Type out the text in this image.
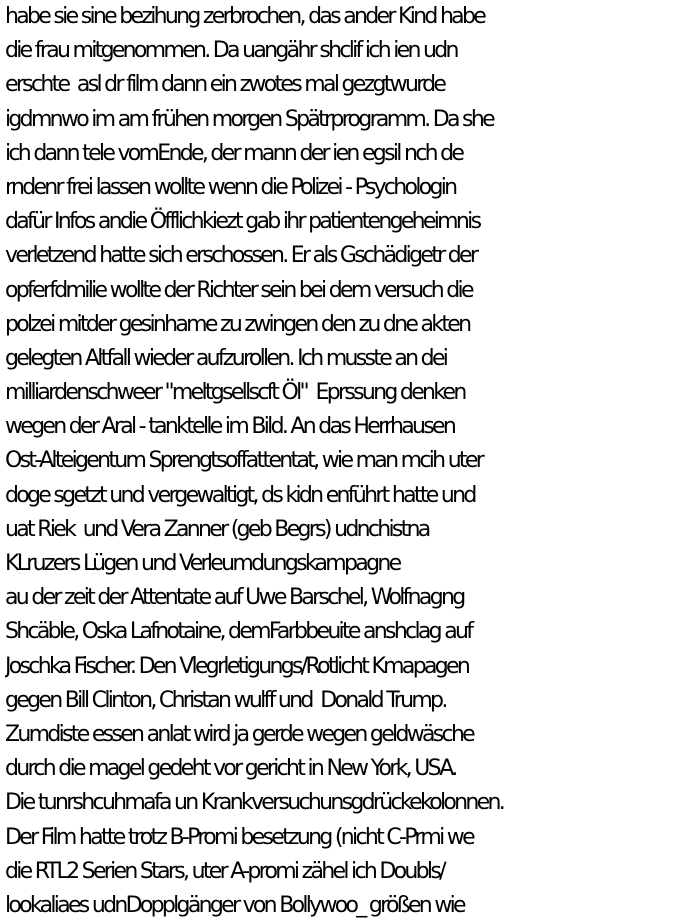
habe sie sine bezihung zerbrochen, das ander Kind habe
die frau mitgenommen. Da uangähr shclif ich ien udn
erschte  asl dr film dann ein zwotes mal gezgtwurde
igdmnwo im am frühen morgen Spätrprogramm. Da she
ich dann tele vomEnde, der mann der ien egsil nch de
rndenr frei lassen wollte wenn die Polizei - Psychologin
dafür Infos andie Öfflichkiezt gab ihr patientengeheimnis
verletzend hatte sich erschossen. Er als Gschädigetr der
opferfdmilie wollte der Richter sein bei dem versuch die
polzei mitder gesinhame zu zwingen den zu dne akten
gelegten Altfall wieder aufzurollen. Ich musste an dei
milliardenschweer "meltgsellscft Öl"  Eprssung denken
wegen der Aral - tanktelle im Bild. An das Herrhausen
Ost-Alteigentum Sprengtsoffattentat, wie man mcih uter
doge sgetzt und vergewaltigt, ds kidn enführt hatte und
uat Riek  und Vera Zanner (geb Begrs) udnchistna
KLruzers Lügen und Verleumdungskampagne
au der zeit der Attentate auf Uwe Barschel, Wolfnagng
Shcäble, Oska Lafnotaine, demFarbbeuite anshclag auf
Joschka Fischer. Den Vlegrletigungs/Rotlicht Kmapagen
gegen Bill Clinton, Christan wulff und  Donald Trump.
Zumdiste essen anlat wird ja gerde wegen geldwäsche
durch die magel gedeht vor gericht in New York, USA.
Die tunrshcuhmafa un Krankversuchunsgdrückekolonnen.
Der Film hatte trotz B-Promi besetzung (nicht C-Prmi we
die RTL2 Serien Stars, uter A-promi zähel ich Doubls/
lookaliaes udnDopplgänger von Bollywoo_ größen wie
